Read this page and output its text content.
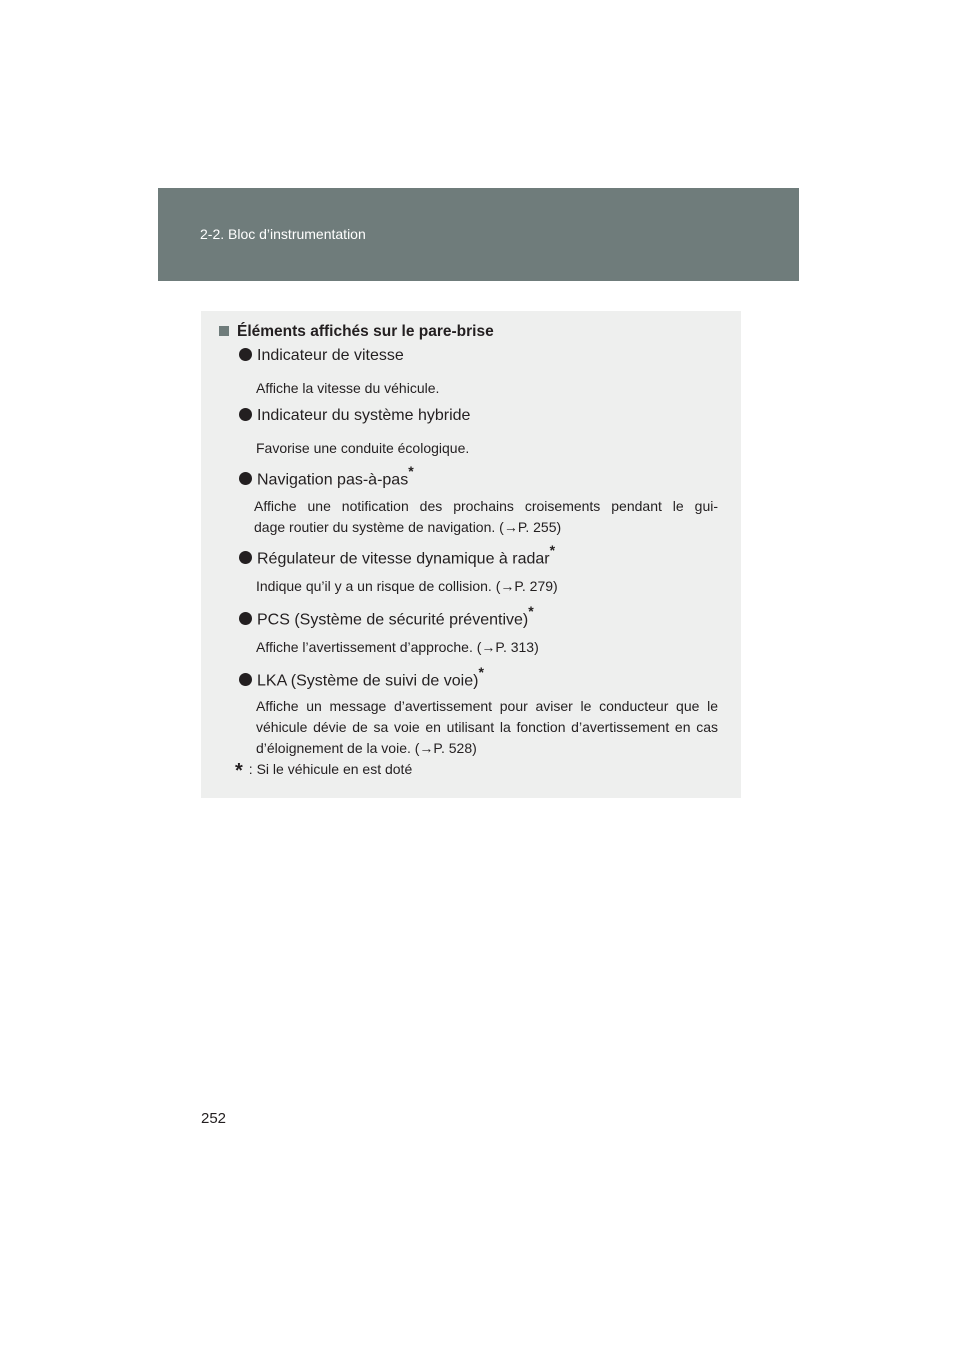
2-2. Bloc d’instrumentation
Éléments affichés sur le pare-brise
Indicateur de vitesse
Affiche la vitesse du véhicule.
Indicateur du système hybride
Favorise une conduite écologique.
Navigation pas-à-pas*
Affiche une notification des prochains croisements pendant le gui-
dage routier du système de navigation. (→P. 255)
Régulateur de vitesse dynamique à radar*
Indique qu’il y a un risque de collision. (→P. 279)
PCS (Système de sécurité préventive)*
Affiche l’avertissement d’approche. (→P. 313)
LKA (Système de suivi de voie)*
Affiche un message d’avertissement pour aviser le conducteur que le véhicule dévie de sa voie en utilisant la fonction d’avertissement en cas d’éloignement de la voie. (→P. 528)
* : Si le véhicule en est doté
252
